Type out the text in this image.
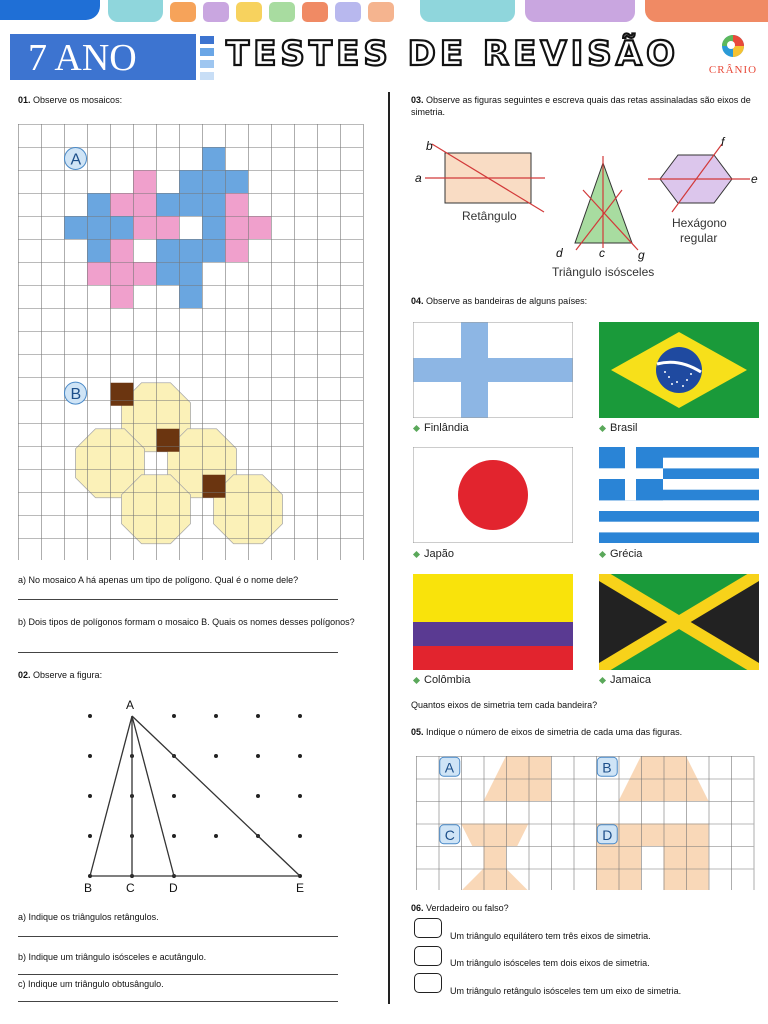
7 ANO	TESTES DE REVISÃO	CRÂNIO
01. Observe os mosaicos:
A
B
a) No mosaico A há apenas um tipo de polígono. Qual é o nome dele?
b) Dois tipos de polígonos formam o mosaico B. Quais os nomes desses polígonos?
02. Observe a figura:
A
B	C	D	E
a) Indique os triângulos retângulos.
b) Indique um triângulo isósceles e acutângulo.
c) Indique um triângulo obtusângulo.
03. Observe as figuras seguintes e escreva quais das retas assinaladas são eixos de simetria.
a
b
Retângulo
d	c	g
Triângulo isósceles
e
f
Hexágono
regular
04. Observe as bandeiras de alguns países:
Finlândia	Brasil
Japão	Grécia
Colômbia	Jamaica
Quantos eixos de simetria tem cada bandeira?
05. Indique o número de eixos de simetria de cada uma das figuras.
A	B
C	D
06. Verdadeiro ou falso?
Um triângulo equilátero tem três eixos de simetria.
Um triângulo isósceles tem dois eixos de simetria.
Um triângulo retângulo isósceles tem um eixo de simetria.
